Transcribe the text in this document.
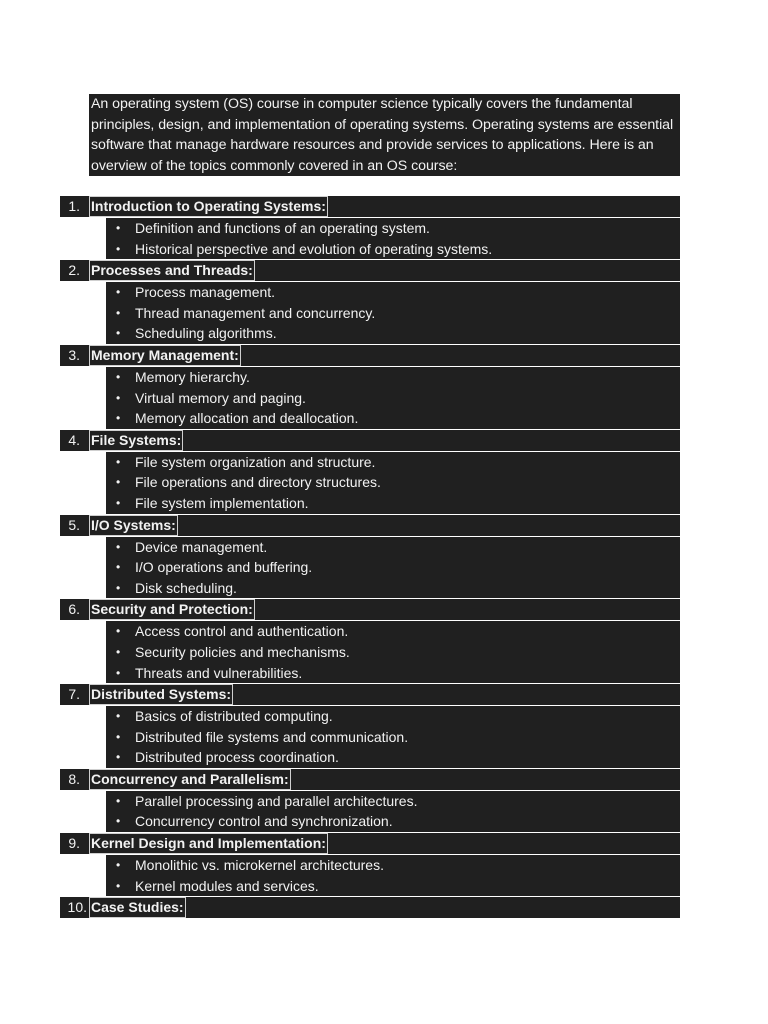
An operating system (OS) course in computer science typically covers the fundamental principles, design, and implementation of operating systems. Operating systems are essential software that manage hardware resources and provide services to applications. Here is an overview of the topics commonly covered in an OS course:
1. Introduction to Operating Systems:
• Definition and functions of an operating system.
• Historical perspective and evolution of operating systems.
2. Processes and Threads:
• Process management.
• Thread management and concurrency.
• Scheduling algorithms.
3. Memory Management:
• Memory hierarchy.
• Virtual memory and paging.
• Memory allocation and deallocation.
4. File Systems:
• File system organization and structure.
• File operations and directory structures.
• File system implementation.
5. I/O Systems:
• Device management.
• I/O operations and buffering.
• Disk scheduling.
6. Security and Protection:
• Access control and authentication.
• Security policies and mechanisms.
• Threats and vulnerabilities.
7. Distributed Systems:
• Basics of distributed computing.
• Distributed file systems and communication.
• Distributed process coordination.
8. Concurrency and Parallelism:
• Parallel processing and parallel architectures.
• Concurrency control and synchronization.
9. Kernel Design and Implementation:
• Monolithic vs. microkernel architectures.
• Kernel modules and services.
10. Case Studies:
